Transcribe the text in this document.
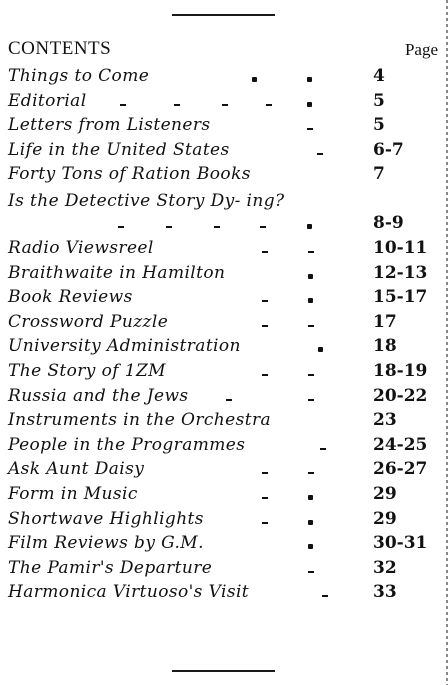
CONTENTS	Page
Things to Come	4
Editorial	5
Letters from Listeners	5
Life in the United States	6-7
Forty Tons of Ration Books	7
Is the Detective Story Dy- ing?
8-9
Radio Viewsreel	10-11
Braithwaite in Hamilton	12-13
Book Reviews	15-17
Crossword Puzzle	17
University Administration	18
The Story of 1ZM	18-19
Russia and the Jews	20-22
Instruments in the Orchestra	23
People in the Programmes	24-25
Ask Aunt Daisy	26-27
Form in Music	29
Shortwave Highlights	29
Film Reviews by G.M.	30-31
The Pamir's Departure	32
Harmonica Virtuoso's Visit	33
